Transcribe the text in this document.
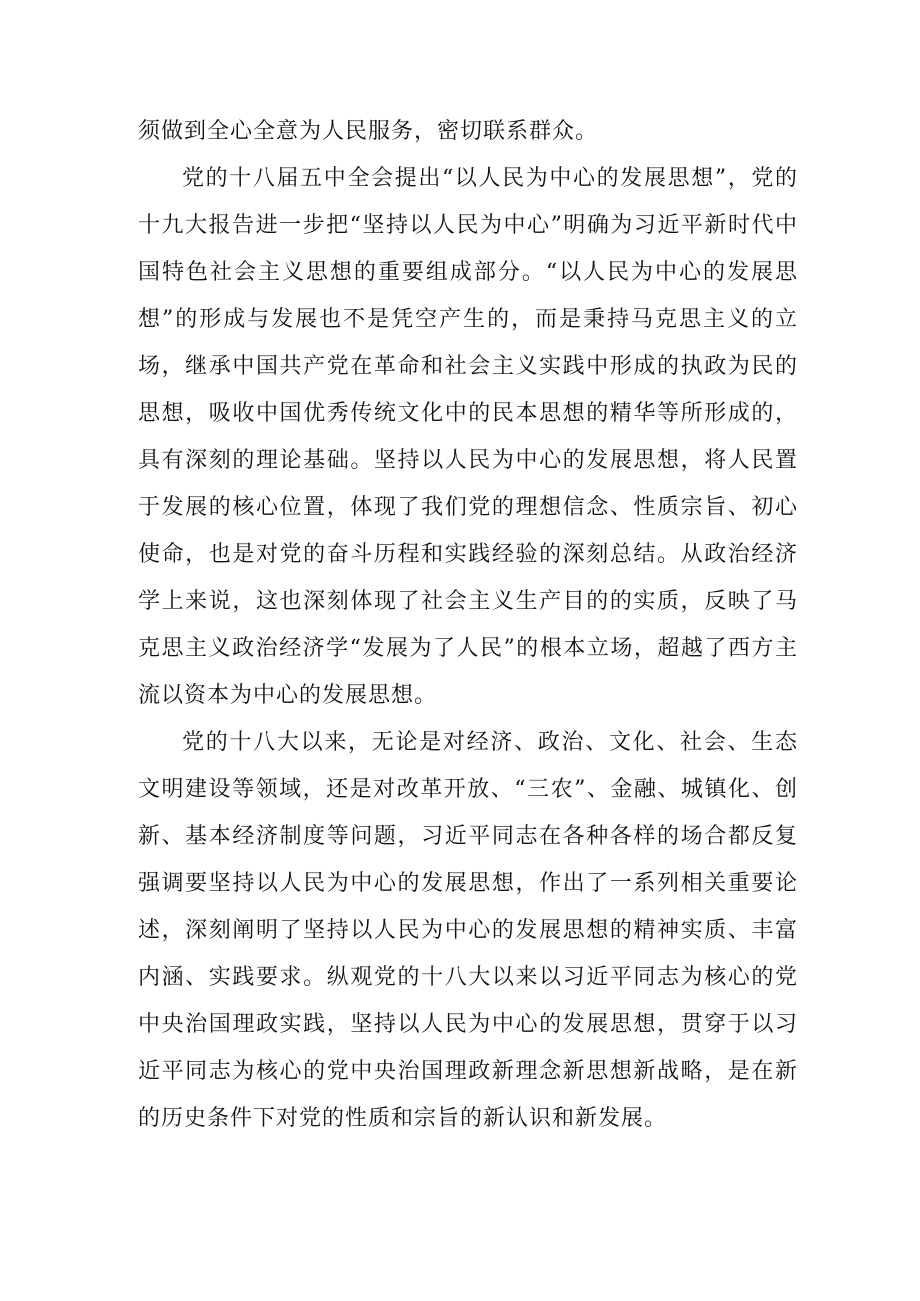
须做到全心全意为人民服务，密切联系群众。

党的十八届五中全会提出“以人民为中心的发展思想”，党的十九大报告进一步把“坚持以人民为中心”明确为习近平新时代中国特色社会主义思想的重要组成部分。“以人民为中心的发展思想”的形成与发展也不是凭空产生的，而是秉持马克思主义的立场，继承中国共产党在革命和社会主义实践中形成的执政为民的思想，吸收中国优秀传统文化中的民本思想的精华等所形成的，具有深刻的理论基础。坚持以人民为中心的发展思想，将人民置于发展的核心位置，体现了我们党的理想信念、性质宗旨、初心使命，也是对党的奋斗历程和实践经验的深刻总结。从政治经济学上来说，这也深刻体现了社会主义生产目的的实质，反映了马克思主义政治经济学“发展为了人民”的根本立场，超越了西方主流以资本为中心的发展思想。

党的十八大以来，无论是对经济、政治、文化、社会、生态文明建设等领域，还是对改革开放、“三农”、金融、城镇化、创新、基本经济制度等问题，习近平同志在各种各样的场合都反复强调要坚持以人民为中心的发展思想，作出了一系列相关重要论述，深刻阐明了坚持以人民为中心的发展思想的精神实质、丰富内涵、实践要求。纵观党的十八大以来以习近平同志为核心的党中央治国理政实践，坚持以人民为中心的发展思想，贯穿于以习近平同志为核心的党中央治国理政新理念新思想新战略，是在新的历史条件下对党的性质和宗旨的新认识和新发展。
